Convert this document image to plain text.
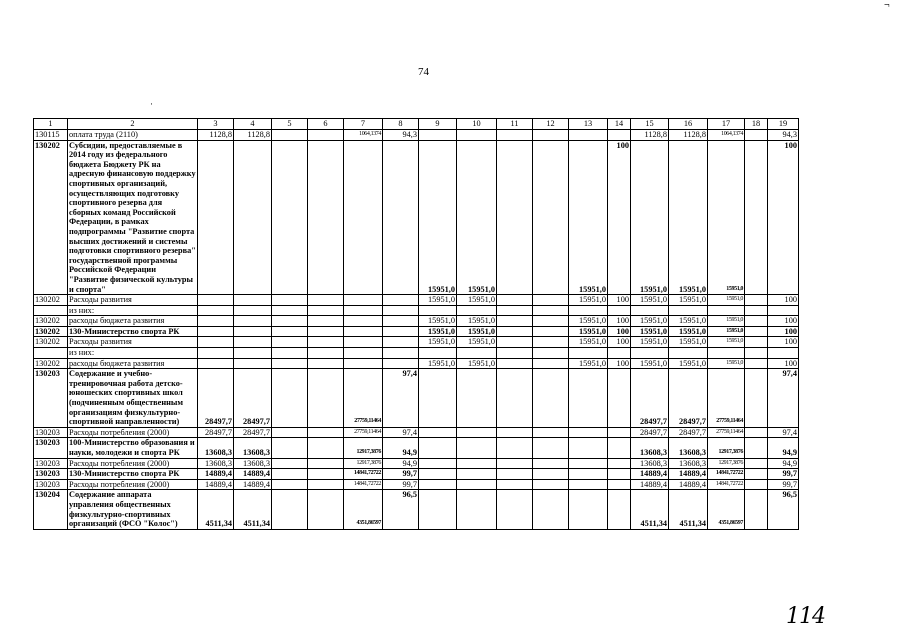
¬
74
·
1	2	3	4	5	6	7	8	9	10	11	12	13	14	15	16	17	18	19
130115	оплата труда (2110)	1128,8	1128,8			1064,1374	94,3							1128,8	1128,8	1064,1374		94,3
130202	Субсидии, предоставляемые в 2014 году из федерального бюджета Бюджету РК на адресную финансовую поддержку спортивных организаций, осуществляющих подготовку спортивного резерва для сборных команд Российской Федерации, в рамках подпрограммы "Развитие спорта высших достижений и системы подготовки спортивного резерва" государственной программы Российской Федерации "Развитие физической культуры и спорта"							15951,0	15951,0			15951,0	100	15951,0	15951,0	15951,0		100
130202	Расходы развития							15951,0	15951,0			15951,0	100	15951,0	15951,0	15951,0		100
	из них:																	
130202	расходы бюджета развития							15951,0	15951,0			15951,0	100	15951,0	15951,0	15951,0		100
130202	130-Министерство спорта РК							15951,0	15951,0			15951,0	100	15951,0	15951,0	15951,0		100
130202	Расходы развития							15951,0	15951,0			15951,0	100	15951,0	15951,0	15951,0		100
	из них:																	
130202	расходы бюджета развития							15951,0	15951,0			15951,0	100	15951,0	15951,0	15951,0		100
130203	Содержание и учебно-тренировочная работа детско-юношеских спортивных школ (подчиненным общественным организациям физкультурно-спортивной направленности)	28497,7	28497,7			27759,11464	97,4							28497,7	28497,7	27759,11464		97,4
130203	Расходы потребления (2000)	28497,7	28497,7			27759,11464	97,4							28497,7	28497,7	27759,11464		97,4
130203	100-Министерство образования и науки, молодежи и спорта РК	13608,3	13608,3			12917,3876	94,9							13608,3	13608,3	12917,3876		94,9
130203	Расходы потребления (2000)	13608,3	13608,3			12917,3876	94,9							13608,3	13608,3	12917,3876		94,9
130203	130-Министерство спорта РК	14889,4	14889,4			14841,72722	99,7							14889,4	14889,4	14841,72722		99,7
130203	Расходы потребления (2000)	14889,4	14889,4			14841,72722	99,7							14889,4	14889,4	14841,72722		99,7
130204	Содержание аппарата управления общественных физкультурно-спортивных организаций (ФСО "Колос")	4511,34	4511,34			4351,86597	96,5							4511,34	4511,34	4351,86597		96,5
114
